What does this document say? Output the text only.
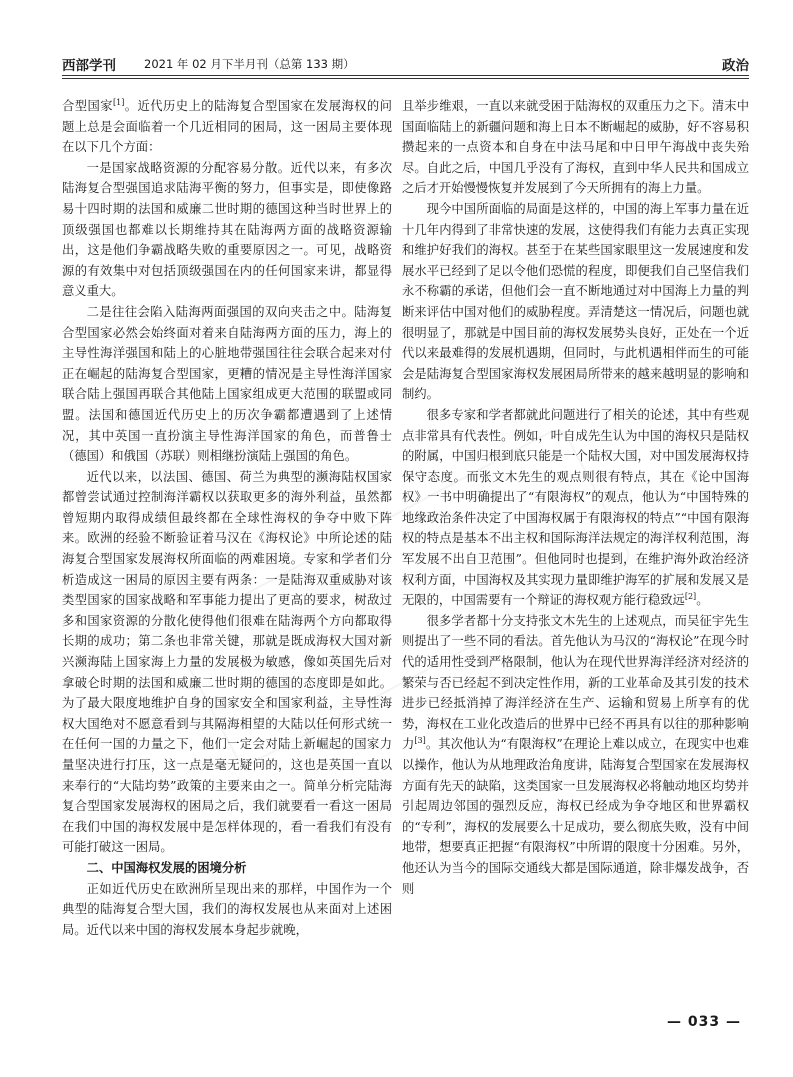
西部学刊 2021 年 02 月下半月刊（总第 133 期）	政治

合型国家[1]。近代历史上的陆海复合型国家在发展海权的问题上总是会面临着一个几近相同的困局，这一困局主要体现在以下几个方面：

一是国家战略资源的分配容易分散。近代以来，有多次陆海复合型强国追求陆海平衡的努力，但事实是，即使像路易十四时期的法国和威廉二世时期的德国这种当时世界上的顶级强国也都难以长期维持其在陆海两方面的战略资源输出，这是他们争霸战略失败的重要原因之一。可见，战略资源的有效集中对包括顶级强国在内的任何国家来讲，都显得意义重大。

二是往往会陷入陆海两面强国的双向夹击之中。陆海复合型国家必然会始终面对着来自陆海两方面的压力，海上的主导性海洋强国和陆上的心脏地带强国往往会联合起来对付正在崛起的陆海复合型国家，更糟的情况是主导性海洋国家联合陆上强国再联合其他陆上国家组成更大范围的联盟或同盟。法国和德国近代历史上的历次争霸都遭遇到了上述情况，其中英国一直扮演主导性海洋国家的角色，而普鲁士（德国）和俄国（苏联）则相继扮演陆上强国的角色。

近代以来，以法国、德国、荷兰为典型的濒海陆权国家都曾尝试通过控制海洋霸权以获取更多的海外利益，虽然都曾短期内取得成绩但最终都在全球性海权的争夺中败下阵来。欧洲的经验不断验证着马汉在《海权论》中所论述的陆海复合型国家发展海权所面临的两难困境。专家和学者们分析造成这一困局的原因主要有两条：一是陆海双重威胁对该类型国家的国家战略和军事能力提出了更高的要求，树敌过多和国家资源的分散化使得他们很难在陆海两个方向都取得长期的成功；第二条也非常关键，那就是既成海权大国对新兴濒海陆上国家海上力量的发展极为敏感，像如英国先后对拿破仑时期的法国和威廉二世时期的德国的态度即是如此。为了最大限度地维护自身的国家安全和国家利益，主导性海权大国绝对不愿意看到与其隔海相望的大陆以任何形式统一在任何一国的力量之下，他们一定会对陆上新崛起的国家力量坚决进行打压，这一点是毫无疑问的，这也是英国一直以来奉行的“大陆均势”政策的主要来由之一。简单分析完陆海复合型国家发展海权的困局之后，我们就要看一看这一困局在我们中国的海权发展中是怎样体现的，看一看我们有没有可能打破这一困局。

二、中国海权发展的困境分析

正如近代历史在欧洲所呈现出来的那样，中国作为一个典型的陆海复合型大国，我们的海权发展也从来面对上述困局。近代以来中国的海权发展本身起步就晚，

且举步维艰，一直以来就受困于陆海权的双重压力之下。清末中国面临陆上的新疆问题和海上日本不断崛起的威胁，好不容易积攒起来的一点资本和自身在中法马尾和中日甲午海战中丧失殆尽。自此之后，中国几乎没有了海权，直到中华人民共和国成立之后才开始慢慢恢复并发展到了今天所拥有的海上力量。

现今中国所面临的局面是这样的，中国的海上军事力量在近十几年内得到了非常快速的发展，这使得我们有能力去真正实现和维护好我们的海权。甚至于在某些国家眼里这一发展速度和发展水平已经到了足以令他们恐慌的程度，即便我们自己坚信我们永不称霸的承诺，但他们会一直不断地通过对中国海上力量的判断来评估中国对他们的威胁程度。弄清楚这一情况后，问题也就很明显了，那就是中国目前的海权发展势头良好，正处在一个近代以来最难得的发展机遇期，但同时，与此机遇相伴而生的可能会是陆海复合型国家海权发展困局所带来的越来越明显的影响和制约。

很多专家和学者都就此问题进行了相关的论述，其中有些观点非常具有代表性。例如，叶自成先生认为中国的海权只是陆权的附属，中国归根到底只能是一个陆权大国，对中国发展海权持保守态度。而张文木先生的观点则很有特点，其在《论中国海权》一书中明确提出了“有限海权”的观点，他认为“中国特殊的地缘政治条件决定了中国海权属于有限海权的特点”“中国有限海权的特点是基本不出主权和国际海洋法规定的海洋权利范围，海军发展不出自卫范围”。但他同时也提到，在维护海外政治经济权利方面，中国海权及其实现力量即维护海军的扩展和发展又是无限的，中国需要有一个辩证的海权观方能行稳致远[2]。

很多学者都十分支持张文木先生的上述观点，而吴征宇先生则提出了一些不同的看法。首先他认为马汉的“海权论”在现今时代的适用性受到严格限制，他认为在现代世界海洋经济对经济的繁荣与否已经起不到决定性作用，新的工业革命及其引发的技术进步已经抵消掉了海洋经济在生产、运输和贸易上所享有的优势，海权在工业化改造后的世界中已经不再具有以往的那种影响力[3]。其次他认为“有限海权”在理论上难以成立，在现实中也难以操作，他认为从地理政治角度讲，陆海复合型国家在发展海权方面有先天的缺陷，这类国家一旦发展海权必将触动地区均势并引起周边邻国的强烈反应，海权已经成为争夺地区和世界霸权的“专利”，海权的发展要么十足成功，要么彻底失败，没有中间地带，想要真正把握“有限海权”中所谓的限度十分困难。另外，他还认为当今的国际交通线大都是国际通道，除非爆发战争，否则

— 033 —
